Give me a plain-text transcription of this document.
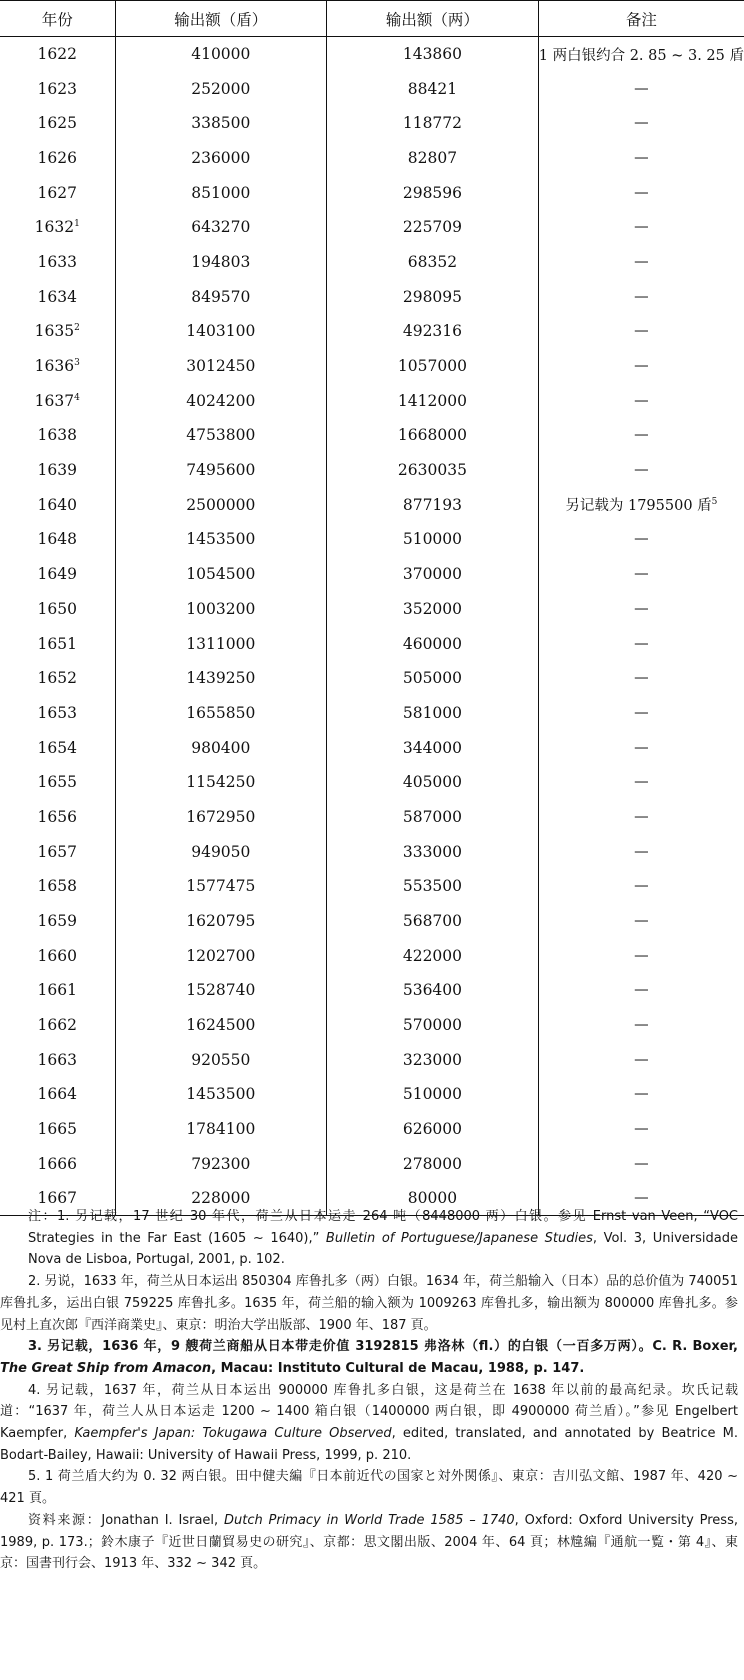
年份	输出额（盾）	输出额（两）	备注
1622	410000	143860	1 两白银约合 2. 85 ~ 3. 25 盾
1623	252000	88421	—
1625	338500	118772	—
1626	236000	82807	—
1627	851000	298596	—
1632$^1$	643270	225709	—
1633	194803	68352	—
1634	849570	298095	—
1635$^2$	1403100	492316	—
1636$^3$	3012450	1057000	—
1637$^4$	4024200	1412000	—
1638	4753800	1668000	—
1639	7495600	2630035	—
1640	2500000	877193	另记载为 1795500 盾$^5$
1648	1453500	510000	—
1649	1054500	370000	—
1650	1003200	352000	—
1651	1311000	460000	—
1652	1439250	505000	—
1653	1655850	581000	—
1654	980400	344000	—
1655	1154250	405000	—
1656	1672950	587000	—
1657	949050	333000	—
1658	1577475	553500	—
1659	1620795	568700	—
1660	1202700	422000	—
1661	1528740	536400	—
1662	1624500	570000	—
1663	920550	323000	—
1664	1453500	510000	—
1665	1784100	626000	—
1666	792300	278000	—
1667	228000	80000	—

注：1. 另记载，17 世纪 30 年代，荷兰从日本运走 264 吨（8448000 两）白银。参见 Ernst van Veen, “VOC Strategies in the Far East (1605 ~ 1640),” Bulletin of Portuguese/Japanese Studies, Vol. 3, Universidade Nova de Lisboa, Portugal, 2001, p. 102.

2. 另说，1633 年，荷兰从日本运出 850304 库鲁扎多（两）白银。1634 年，荷兰船输入（日本）品的总价值为 740051 库鲁扎多，运出白银 759225 库鲁扎多。1635 年，荷兰船的输入额为 1009263 库鲁扎多，输出额为 800000 库鲁扎多。参见村上直次郎『西洋商業史』、東京：明治大学出版部、1900 年、187 頁。

3. 另记载，1636 年，9 艘荷兰商船从日本带走价值 3192815 弗洛林（fl.）的白银（一百多万两）。C. R. Boxer, The Great Ship from Amacon, Macau: Instituto Cultural de Macau, 1988, p. 147.

4. 另记载，1637 年，荷兰从日本运出 900000 库鲁扎多白银，这是荷兰在 1638 年以前的最高纪录。坎氏记载道：“1637 年，荷兰人从日本运走 1200 ~ 1400 箱白银（1400000 两白银，即 4900000 荷兰盾）。”参见 Engelbert Kaempfer, Kaempfer's Japan: Tokugawa Culture Observed, edited, translated, and annotated by Beatrice M. Bodart-Bailey, Hawaii: University of Hawaii Press, 1999, p. 210.

5. 1 荷兰盾大约为 0. 32 两白银。田中健夫編『日本前近代の国家と対外関係』、東京：吉川弘文館、1987 年、420 ~ 421 頁。

资料来源：Jonathan I. Israel, Dutch Primacy in World Trade 1585 – 1740, Oxford: Oxford University Press, 1989, p. 173.；鈴木康子『近世日蘭貿易史の研究』、京都：思文閣出版、2004 年、64 頁；林韑編『通航一覧・第 4』、東京：国書刊行会、1913 年、332 ~ 342 頁。
